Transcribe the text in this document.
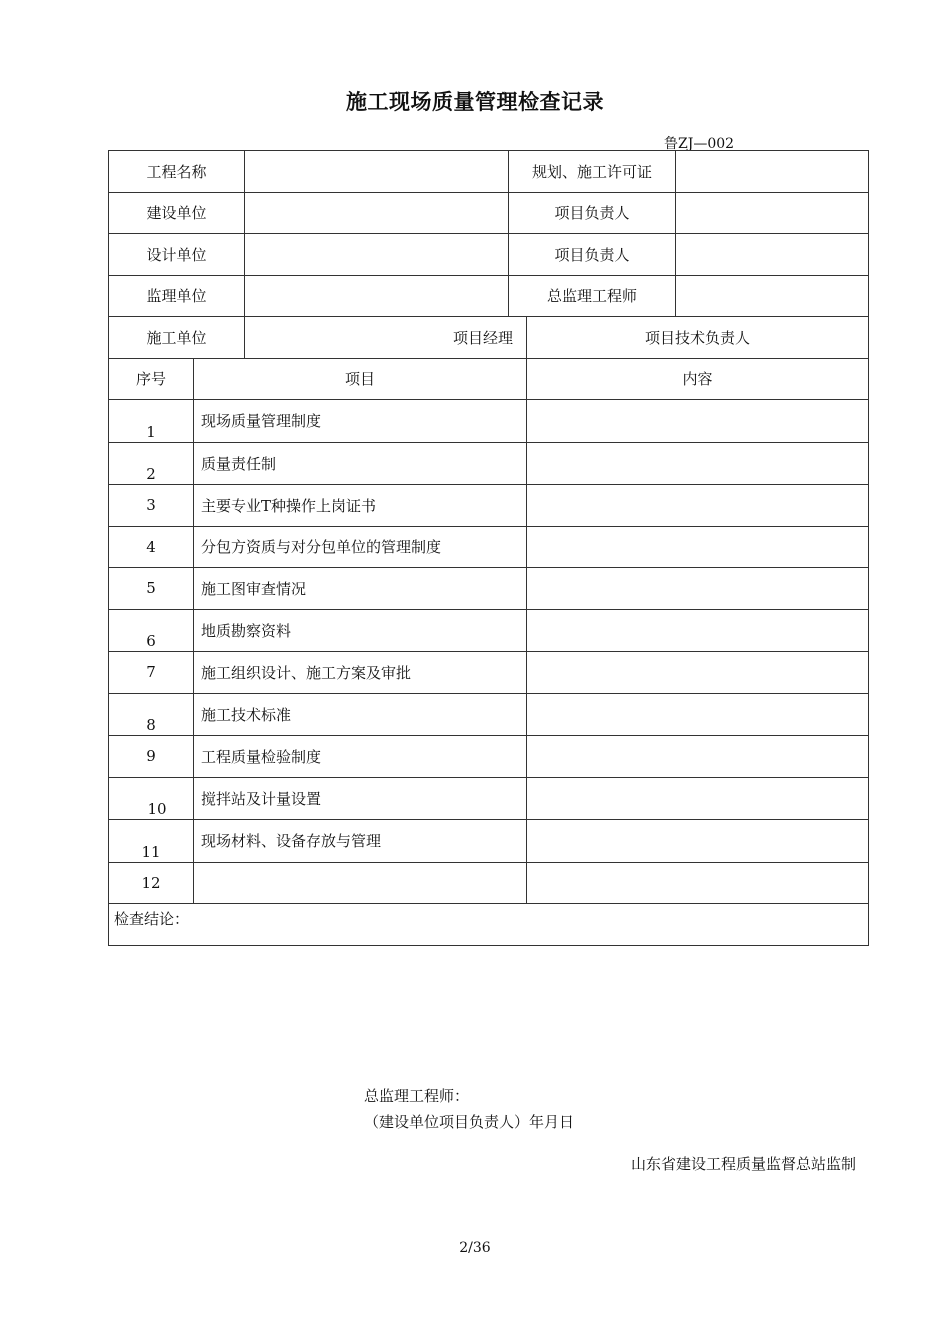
施工现场质量管理检查记录
鲁ZJ—002
工程名称			规划、施工许可证		
建设单位			项目负责人		
设计单位			项目负责人		
监理单位			总监理工程师		
施工单位		项目经理		项目技术负责人	
序号	项目			内容	
1	现场质量管理制度				
2	质量责任制				
3	主要专业T种操作上岗证书				
4	分包方资质与对分包单位的管理制度				
5	施工图审查情况				
6	地质勘察资料				
7	施工组织设计、施工方案及审批				
8	施工技术标准				
9	工程质量检验制度				
10	搅拌站及计量设置				
11	现场材料、设备存放与管理				
12					

检查结论：
总监理工程师：
（建设单位项目负责人）年月日					
山东省建设工程质量监督总站监制
2/36
